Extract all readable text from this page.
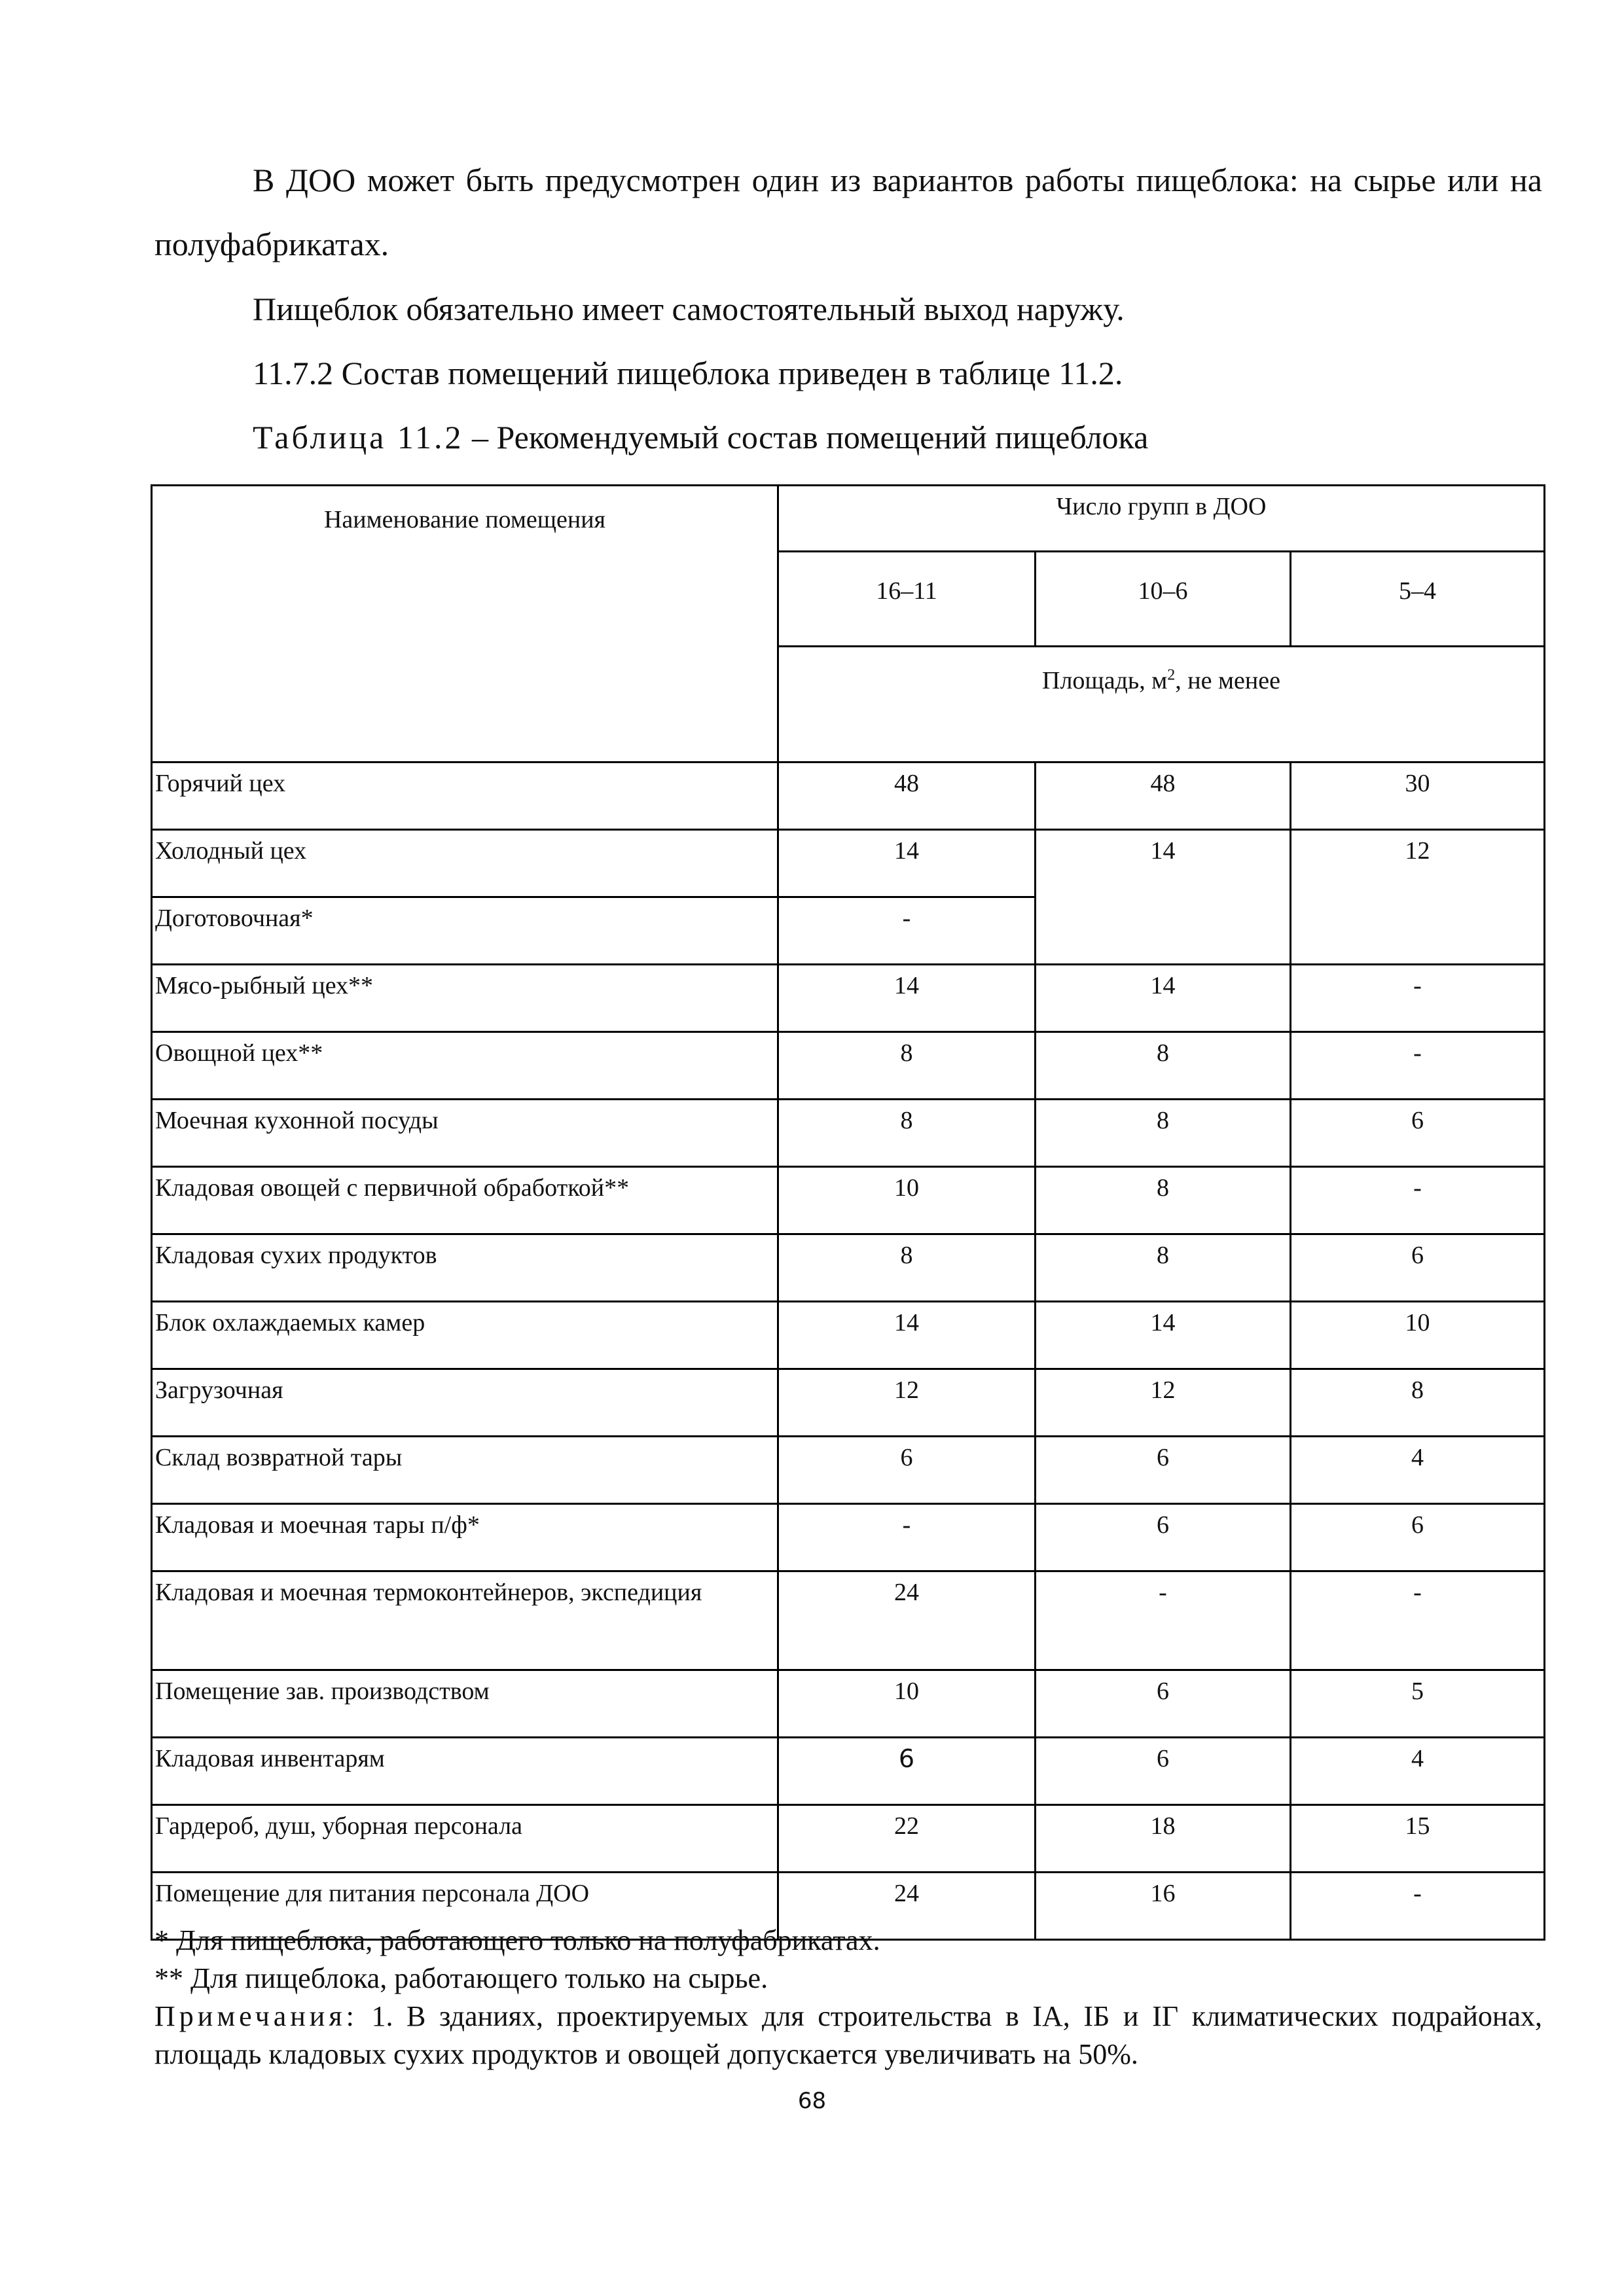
В ДОО может быть предусмотрен один из вариантов работы пищеблока: на сырье или на полуфабрикатах.

Пищеблок обязательно имеет самостоятельный выход наружу.

11.7.2 Состав помещений пищеблока приведен в таблице 11.2.

Таблица 11.2 – Рекомендуемый состав помещений пищеблока

Наименование помещения	Число групп в ДОО		
	16–11	10–6	5–4
	Площадь, $м^2$, не менее		
Горячий цех	48	48	30
Холодный цех	14	14	12
Доготовочная*	-		
Мясо-рыбный цех**	14	14	-
Овощной цех**	8	8	-
Моечная кухонной посуды	8	8	6
Кладовая овощей с первичной обработкой**	10	8	-
Кладовая сухих продуктов	8	8	6
Блок охлаждаемых камер	14	14	10
Загрузочная	12	12	8
Склад возвратной тары	6	6	4
Кладовая и моечная тары п/ф*	-	6	6
Кладовая и моечная термоконтейнеров, экспедиция	24	-	-
Помещение зав. производством	10	6	5
Кладовая инвентарям	6	6	4
Гардероб, душ, уборная персонала	22	18	15
Помещение для питания персонала ДОО	24	16	-

* Для пищеблока, работающего только на полуфабрикатах.

** Для пищеблока, работающего только на сырье.

Примечания: 1. В зданиях, проектируемых для строительства в IА, IБ и IГ климатических подрайонах, площадь кладовых сухих продуктов и овощей допускается увеличивать на 50%.

68
